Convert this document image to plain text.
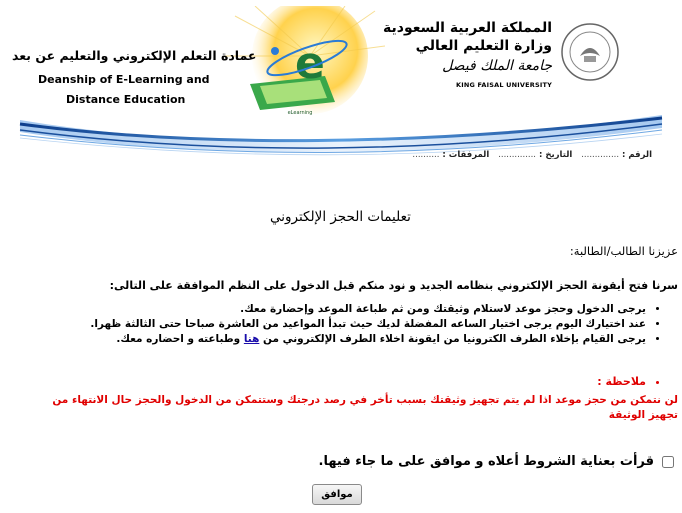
المملكة العربية السعودية
وزارة التعليم العالي
جامعة الملك فيصل
KING FAISAL UNIVERSITY
e
eLearning
عمادة التعلم الإلكتروني والتعليم عن بعد
Deanship of E-Learning and
Distance Education
الرقم : ..............   التاريخ : ..............   المرفقات : ..........
تعليمات الحجز الإلكتروني
عزيزنا الطالب/الطالبة:
سرنا فتح أيقونة الحجز الإلكتروني بنظامه الجديد و نود منكم قبل الدخول على النظم الموافقة على التالى:
• يرجى الدخول وحجز موعد لاستلام وثيقتك ومن ثم طباعة الموعد وإحضارة معك.
• عند اختيارك اليوم يرجى اختيار الساعه المفضلة لديك حيث تبدأ المواعيد من العاشرة صباحا حتى الثالثة ظهرا.
• يرجى القيام بإخلاء الطرف الكترونيا من ايقونة اخلاء الطرف الإلكتروني من هنا وطباعته و احضاره معك.
• ملاحظة :
لن نتمكن من حجز موعد اذا لم يتم تجهيز وثيقتك بسبب تأخر في رصد درجتك وستتمكن من الدخول والحجز حال الانتهاء من تجهيز الوثيقة
قرأت بعناية الشروط أعلاه و موافق على ما جاء فيها.
موافق
